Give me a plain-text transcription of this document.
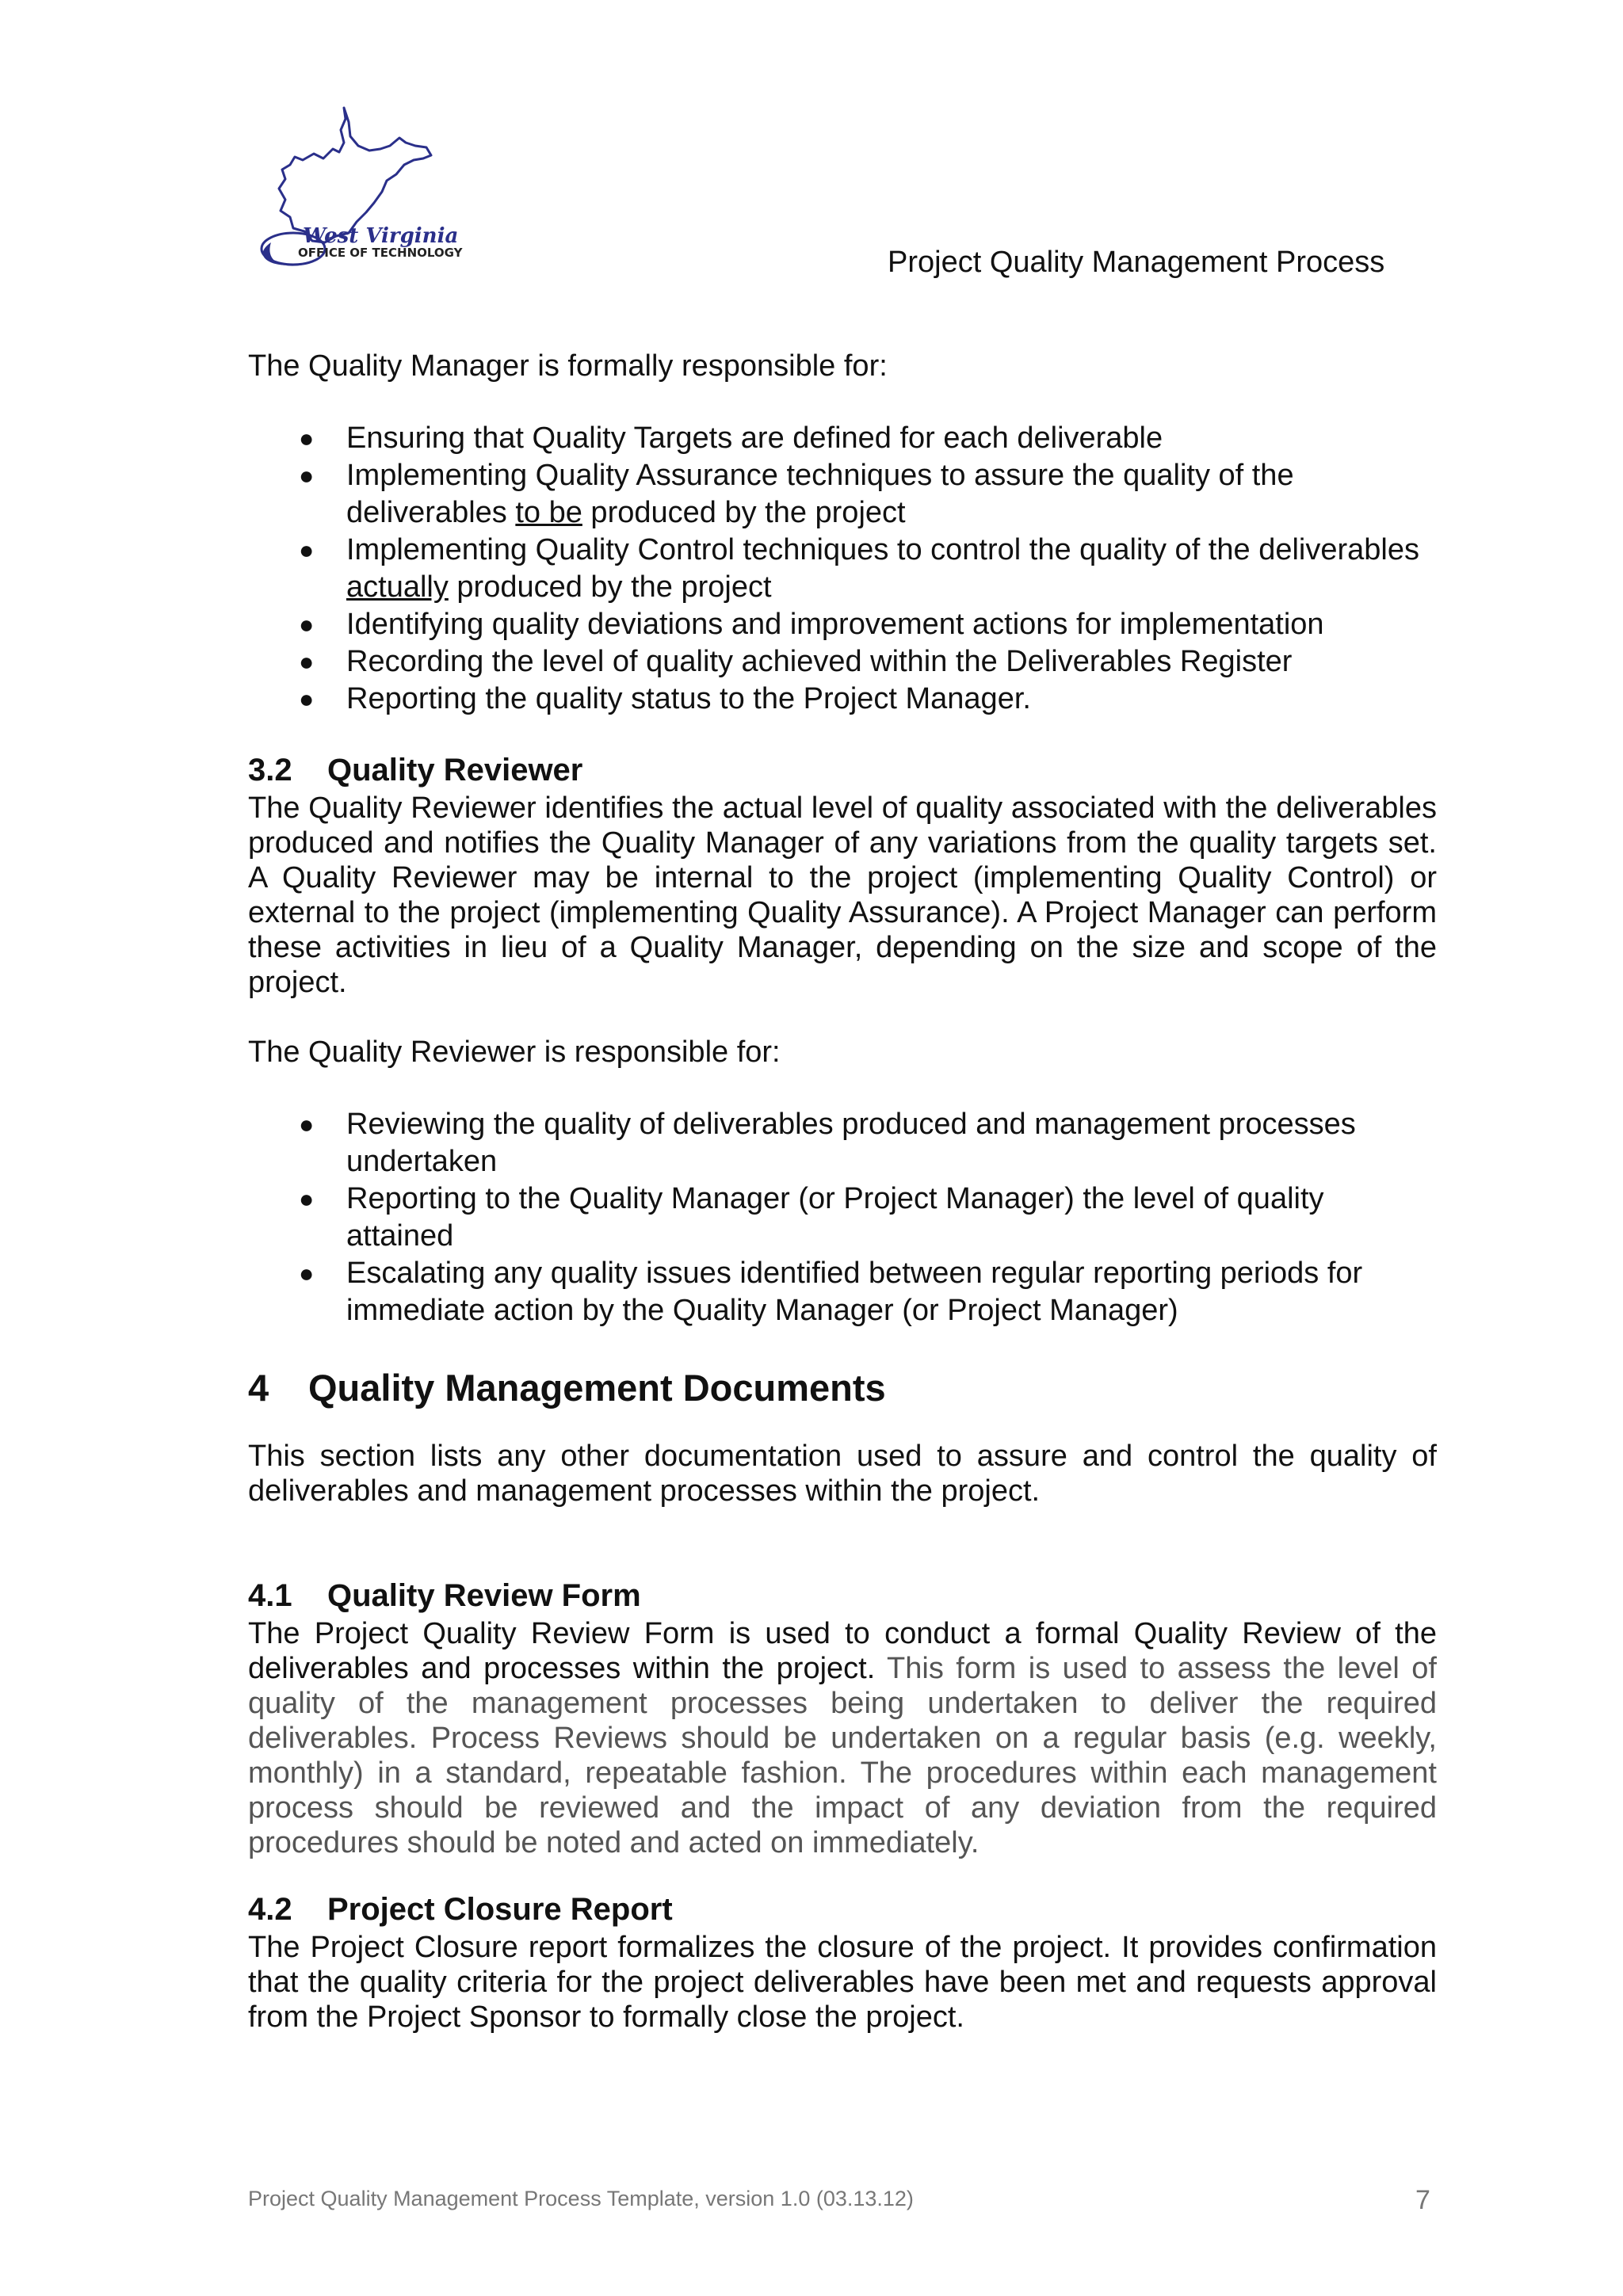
West Virginia
OFFICE OF TECHNOLOGY	Project Quality Management Process

The Quality Manager is formally responsible for:

● Ensuring that Quality Targets are defined for each deliverable
● Implementing Quality Assurance techniques to assure the quality of the deliverables to be produced by the project
● Implementing Quality Control techniques to control the quality of the deliverables actually produced by the project
● Identifying quality deviations and improvement actions for implementation
● Recording the level of quality achieved within the Deliverables Register
● Reporting the quality status to the Project Manager.
3.2 Quality Reviewer

The Quality Reviewer identifies the actual level of quality associated with the deliverables produced and notifies the Quality Manager of any variations from the quality targets set. A Quality Reviewer may be internal to the project (implementing Quality Control) or external to the project (implementing Quality Assurance). A Project Manager can perform these activities in lieu of a Quality Manager, depending on the size and scope of the project.

The Quality Reviewer is responsible for:

● Reviewing the quality of deliverables produced and management processes undertaken
● Reporting to the Quality Manager (or Project Manager) the level of quality attained
● Escalating any quality issues identified between regular reporting periods for immediate action by the Quality Manager (or Project Manager)
4 Quality Management Documents

This section lists any other documentation used to assure and control the quality of deliverables and management processes within the project.

4.1 Quality Review Form

The Project Quality Review Form is used to conduct a formal Quality Review of the deliverables and processes within the project. This form is used to assess the level of quality of the management processes being undertaken to deliver the required deliverables. Process Reviews should be undertaken on a regular basis (e.g. weekly, monthly) in a standard, repeatable fashion. The procedures within each management process should be reviewed and the impact of any deviation from the required procedures should be noted and acted on immediately.

4.2 Project Closure Report

The Project Closure report formalizes the closure of the project. It provides confirmation that the quality criteria for the project deliverables have been met and requests approval from the Project Sponsor to formally close the project.

Project Quality Management Process Template, version 1.0 (03.13.12)	7
